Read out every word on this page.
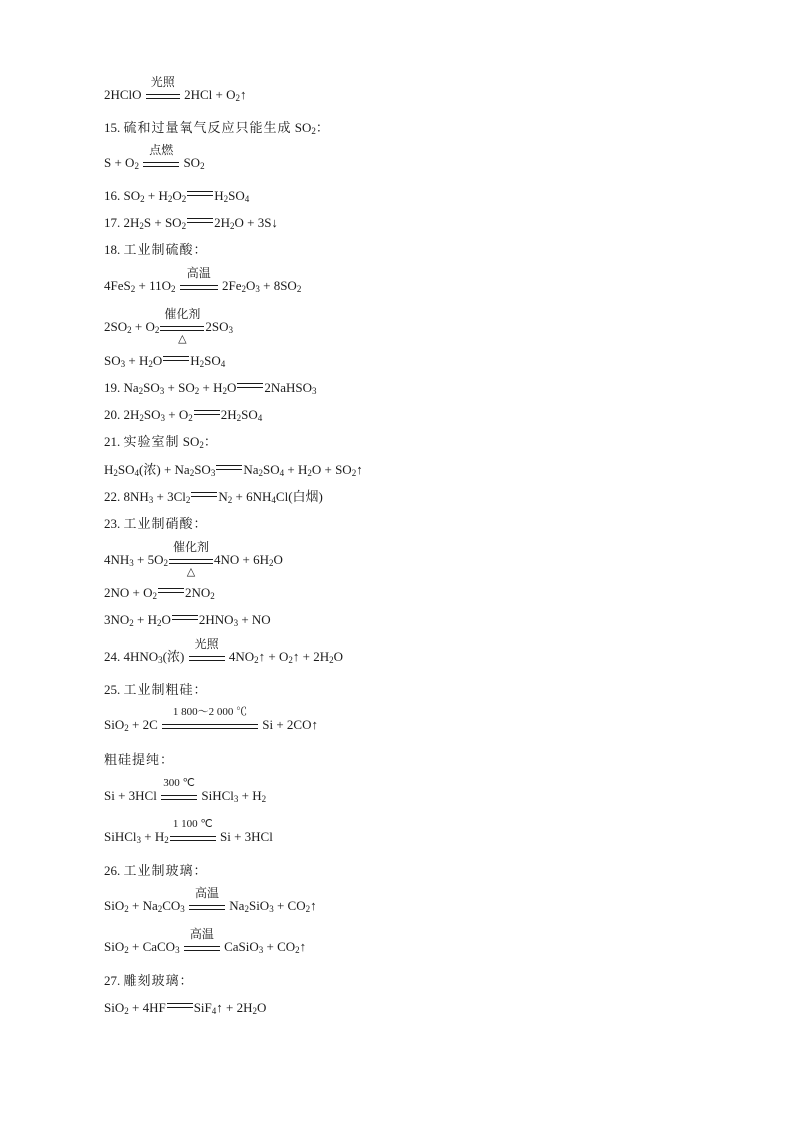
2HClO
光照
$2HCl + O_2↑$
15. 硫和过量氧气反应只能生成 $SO_2$：
$S + O_2$
点燃
$SO_2$
16. $SO_2 + H_2O_2$ $H_2SO_4$
17. $2H_2S + SO_2$ $2H_2O$ + 3S↓
18. 工业制硫酸：
$4FeS_2 + 11O_2$
高温
$2Fe_2O_3 + 8SO_2$
$2SO_2 + O_2$
催化剂
△
$2SO_3$
$SO_3 + H_2O$ $H_2SO_4$
19. $Na_2SO_3 + SO_2 + H_2O$ 2NaHSO$_3$
20. $2H_2SO_3 + O_2$ $2H_2SO_4$
21. 实验室制 $SO_2$：
$H_2SO_4$(浓) + $Na_2SO_3$ $Na_2SO_4 + H_2O$ + $SO_2↑$
22. $8NH_3 + 3Cl_2$ $N_2 + 6NH_4Cl$(白烟)
23. 工业制硝酸：
$4NH_3 + 5O_2$
催化剂
△
$4NO + 6H_2O$
$2NO + O_2$ $2NO_2$
$3NO_2 + H_2O$ $2HNO_3$ + NO
24. $4HNO_3$(浓)
光照
$4NO_2↑$ + $O_2↑ + 2H_2O$
25. 工业制粗硅：
SiO$_2$ + 2C
1 800～2 000 ℃
Si + 2CO↑
粗硅提纯：
Si + 3HCl
300 ℃
SiHCl$_3$ + $H_2$
SiHCl$_3$ + $H_2$
1 100 ℃
Si + 3HCl
26. 工业制玻璃：
$SiO_2 + Na_2CO_3$
高温
$Na_2SiO_3$ + $CO_2↑$
SiO$_2$ + CaCO$_3$
高温
CaSiO$_3$ + $CO_2↑$
27. 雕刻玻璃：
SiO$_2$ + 4HF SiF$_4$↑ + $2H_2O$
